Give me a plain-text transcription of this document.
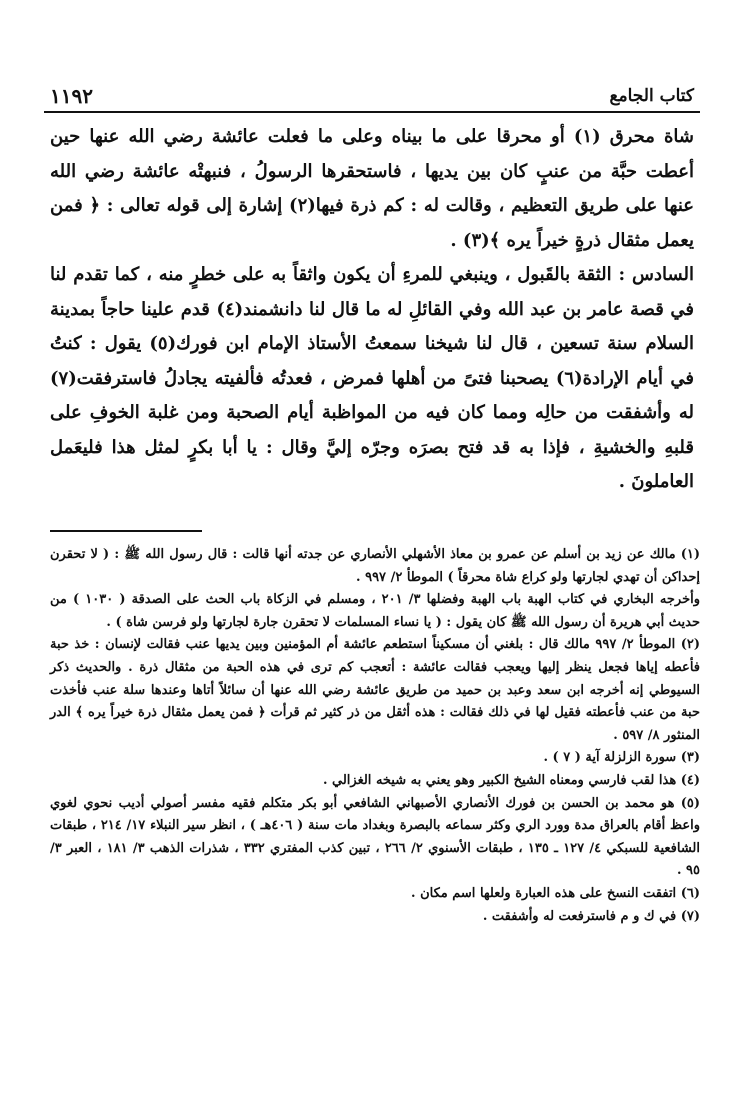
كتاب الجامع
١١٩٢

شاة محرق (١) أو محرقا على ما بيناه وعلى ما فعلت عائشة رضي الله عنها حين أعطت حبَّة من عنبٍ كان بين يديها ، فاستحقرها الرسولُ ، فنبهتْه عائشة رضي الله عنها على طريق التعظيم ، وقالت له : كم ذرة فيها(٢) إشارة إلى قوله تعالى : ﴿ فمن يعمل مثقال ذرةٍ خيراً يره ﴾(٣) .

السادس : الثقة بالقَبول ، وينبغي للمرءِ أن يكون واثقاً به على خطرٍ منه ، كما تقدم لنا في قصة عامر بن عبد الله وفي القائلِ له ما قال لنا دانشمند(٤) قدم علينا حاجاً بمدينة السلام سنة تسعين ، قال لنا شيخنا سمعتُ الأستاذ الإمام ابن فورك(٥) يقول : كنتُ في أيام الإرادة(٦) يصحبنا فتىً من أهلها فمرض ، فعدتُه فألفيته يجادلُ فاسترفقت(٧) له وأشفقت من حالِه ومما كان فيه من المواظبة أيام الصحبة ومن غلبة الخوفِ على قلبهِ والخشيةِ ، فإذا به قد فتح بصرَه وجرّه إليَّ وقال : يا أبا بكرٍ لمثل هذا فليعَمل العاملونَ .

(١) مالك عن زيد بن أسلم عن عمرو بن معاذ الأشهلي الأنصاري عن جدته أنها قالت : قال رسول الله ﷺ : ( لا تحقرن إحداكن أن تهدي لجارتها ولو كراع شاة محرقاً ) الموطأ ٢/ ٩٩٧ .

وأخرجه البخاري في كتاب الهبة باب الهبة وفضلها ٣/ ٢٠١ ، ومسلم في الزكاة باب الحث على الصدقة ( ١٠٣٠ ) من حديث أبي هريرة أن رسول الله ﷺ كان يقول : ( يا نساء المسلمات لا تحقرن جارة لجارتها ولو فرسن شاة ) .

(٢) الموطأ ٢/ ٩٩٧ مالك قال : بلغني أن مسكيناً استطعم عائشة أم المؤمنين وبين يديها عنب فقالت لإنسان : خذ حبة فأعطه إياها فجعل ينظر إليها ويعجب فقالت عائشة : أتعجب كم ترى في هذه الحبة من مثقال ذرة . والحديث ذكر السيوطي إنه أخرجه ابن سعد وعبد بن حميد من طريق عائشة رضي الله عنها أن سائلاً أتاها وعندها سلة عنب فأخذت حبة من عنب فأعطته فقيل لها في ذلك فقالت : هذه أثقل من ذر كثير ثم قرأت ﴿ فمن يعمل مثقال ذرة خيراً يره ﴾ الدر المنثور ٨/ ٥٩٧ .

(٣) سورة الزلزلة آية ( ٧ ) .

(٤) هذا لقب فارسي ومعناه الشيخ الكبير وهو يعني به شيخه الغزالي .

(٥) هو محمد بن الحسن بن فورك الأنصاري الأصبهاني الشافعي أبو بكر متكلم فقيه مفسر أصولي أديب نحوي لغوي واعظ أقام بالعراق مدة وورد الري وكثر سماعه بالبصرة وبغداد مات سنة ( ٤٠٦هـ ) ، انظر سير النبلاء ١٧/ ٢١٤ ، طبقات الشافعية للسبكي ٤/ ١٢٧ ـ ١٣٥ ، طبقات الأسنوي ٢/ ٢٦٦ ، تبين كذب المفتري ٣٣٢ ، شذرات الذهب ٣/ ١٨١ ، العبر ٣/ ٩٥ .

(٦) اتفقت النسخ على هذه العبارة ولعلها اسم مكان .

(٧) في ك و م فاسترفعت له وأشفقت .
